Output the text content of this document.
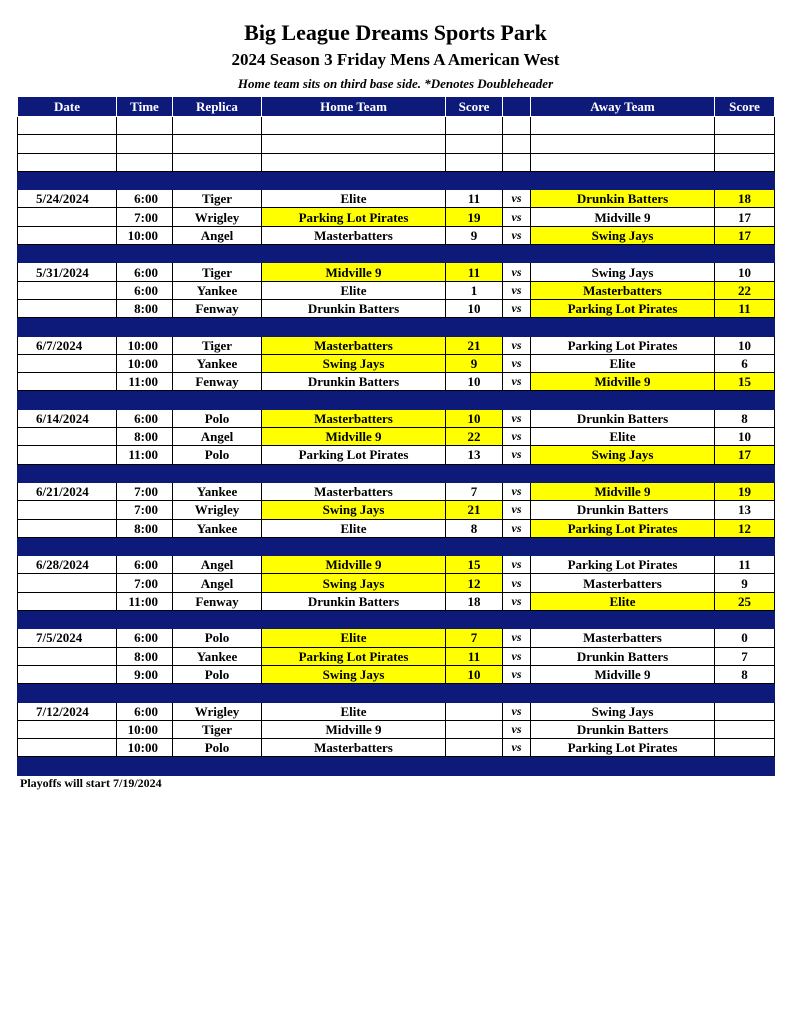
Big League Dreams Sports Park
2024 Season 3 Friday Mens A American West
Home team sits on third base side. *Denotes Doubleheader
Date	Time	Replica	Home Team	Score		Away Team	Score

5/24/2024	6:00	Tiger	Elite	11	vs	Drunkin Batters	18
	7:00	Wrigley	Parking Lot Pirates	19	vs	Midville 9	17
	10:00	Angel	Masterbatters	9	vs	Swing Jays	17

5/31/2024	6:00	Tiger	Midville 9	11	vs	Swing Jays	10
	6:00	Yankee	Elite	1	vs	Masterbatters	22
	8:00	Fenway	Drunkin Batters	10	vs	Parking Lot Pirates	11

6/7/2024	10:00	Tiger	Masterbatters	21	vs	Parking Lot Pirates	10
	10:00	Yankee	Swing Jays	9	vs	Elite	6
	11:00	Fenway	Drunkin Batters	10	vs	Midville 9	15

6/14/2024	6:00	Polo	Masterbatters	10	vs	Drunkin Batters	8
	8:00	Angel	Midville 9	22	vs	Elite	10
	11:00	Polo	Parking Lot Pirates	13	vs	Swing Jays	17

6/21/2024	7:00	Yankee	Masterbatters	7	vs	Midville 9	19
	7:00	Wrigley	Swing Jays	21	vs	Drunkin Batters	13
	8:00	Yankee	Elite	8	vs	Parking Lot Pirates	12

6/28/2024	6:00	Angel	Midville 9	15	vs	Parking Lot Pirates	11
	7:00	Angel	Swing Jays	12	vs	Masterbatters	9
	11:00	Fenway	Drunkin Batters	18	vs	Elite	25

7/5/2024	6:00	Polo	Elite	7	vs	Masterbatters	0
	8:00	Yankee	Parking Lot Pirates	11	vs	Drunkin Batters	7
	9:00	Polo	Swing Jays	10	vs	Midville 9	8

7/12/2024	6:00	Wrigley	Elite		vs	Swing Jays	
	10:00	Tiger	Midville 9		vs	Drunkin Batters	
	10:00	Polo	Masterbatters		vs	Parking Lot Pirates	

Playoffs will start 7/19/2024
